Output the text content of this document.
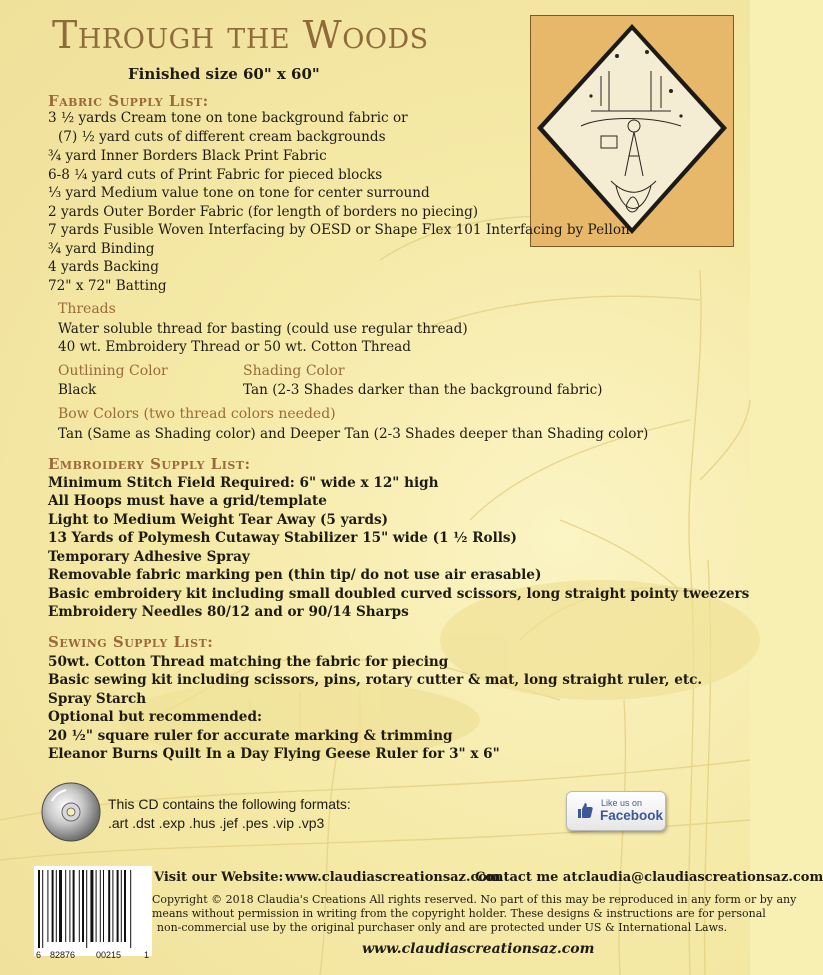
Through the Woods
Finished size 60" x 60"
Fabric Supply List:
3 ½ yards Cream tone on tone background fabric or
(7) ½ yard cuts of different cream backgrounds
¾ yard Inner Borders Black Print Fabric
6-8 ¼ yard cuts of Print Fabric for pieced blocks
⅓ yard Medium value tone on tone for center surround
2 yards Outer Border Fabric (for length of borders no piecing)
7 yards Fusible Woven Interfacing by OESD or Shape Flex 101 Interfacing by Pellon
¾ yard Binding
4 yards Backing
72" x 72" Batting
Threads
Water soluble thread for basting (could use regular thread)
40 wt. Embroidery Thread or 50 wt. Cotton Thread
Outlining Color	Shading Color
Black	Tan (2-3 Shades darker than the background fabric)
Bow Colors (two thread colors needed)
Tan (Same as Shading color) and Deeper Tan (2-3 Shades deeper than Shading color)
Embroidery Supply List:
Minimum Stitch Field Required: 6" wide x 12" high
All Hoops must have a grid/template
Light to Medium Weight Tear Away (5 yards)
13 Yards of Polymesh Cutaway Stabilizer 15" wide (1 ½ Rolls)
Temporary Adhesive Spray
Removable fabric marking pen (thin tip/ do not use air erasable)
Basic embroidery kit including small doubled curved scissors, long straight pointy tweezers
Embroidery Needles 80/12 and or 90/14 Sharps
Sewing Supply List:
50wt. Cotton Thread matching the fabric for piecing
Basic sewing kit including scissors, pins, rotary cutter & mat, long straight ruler, etc.
Spray Starch
Optional but recommended:
20 ½" square ruler for accurate marking & trimming
Eleanor Burns Quilt In a Day Flying Geese Ruler for 3" x 6"
This CD contains the following formats:
.art .dst .exp .hus .jef .pes .vip .vp3
Like us on
Facebook
Visit our Website: www.claudiascreationsaz.com
Contact me at:
claudia@claudiascreationsaz.com
Copyright © 2018 Claudia's Creations All rights reserved. No part of this may be reproduced in any form or by any
means without permission in writing from the copyright holder. These designs & instructions are for personal
non-commercial use by the original purchaser only and are protected under US & International Laws.
www.claudiascreationsaz.com
6 82876 00215	1
